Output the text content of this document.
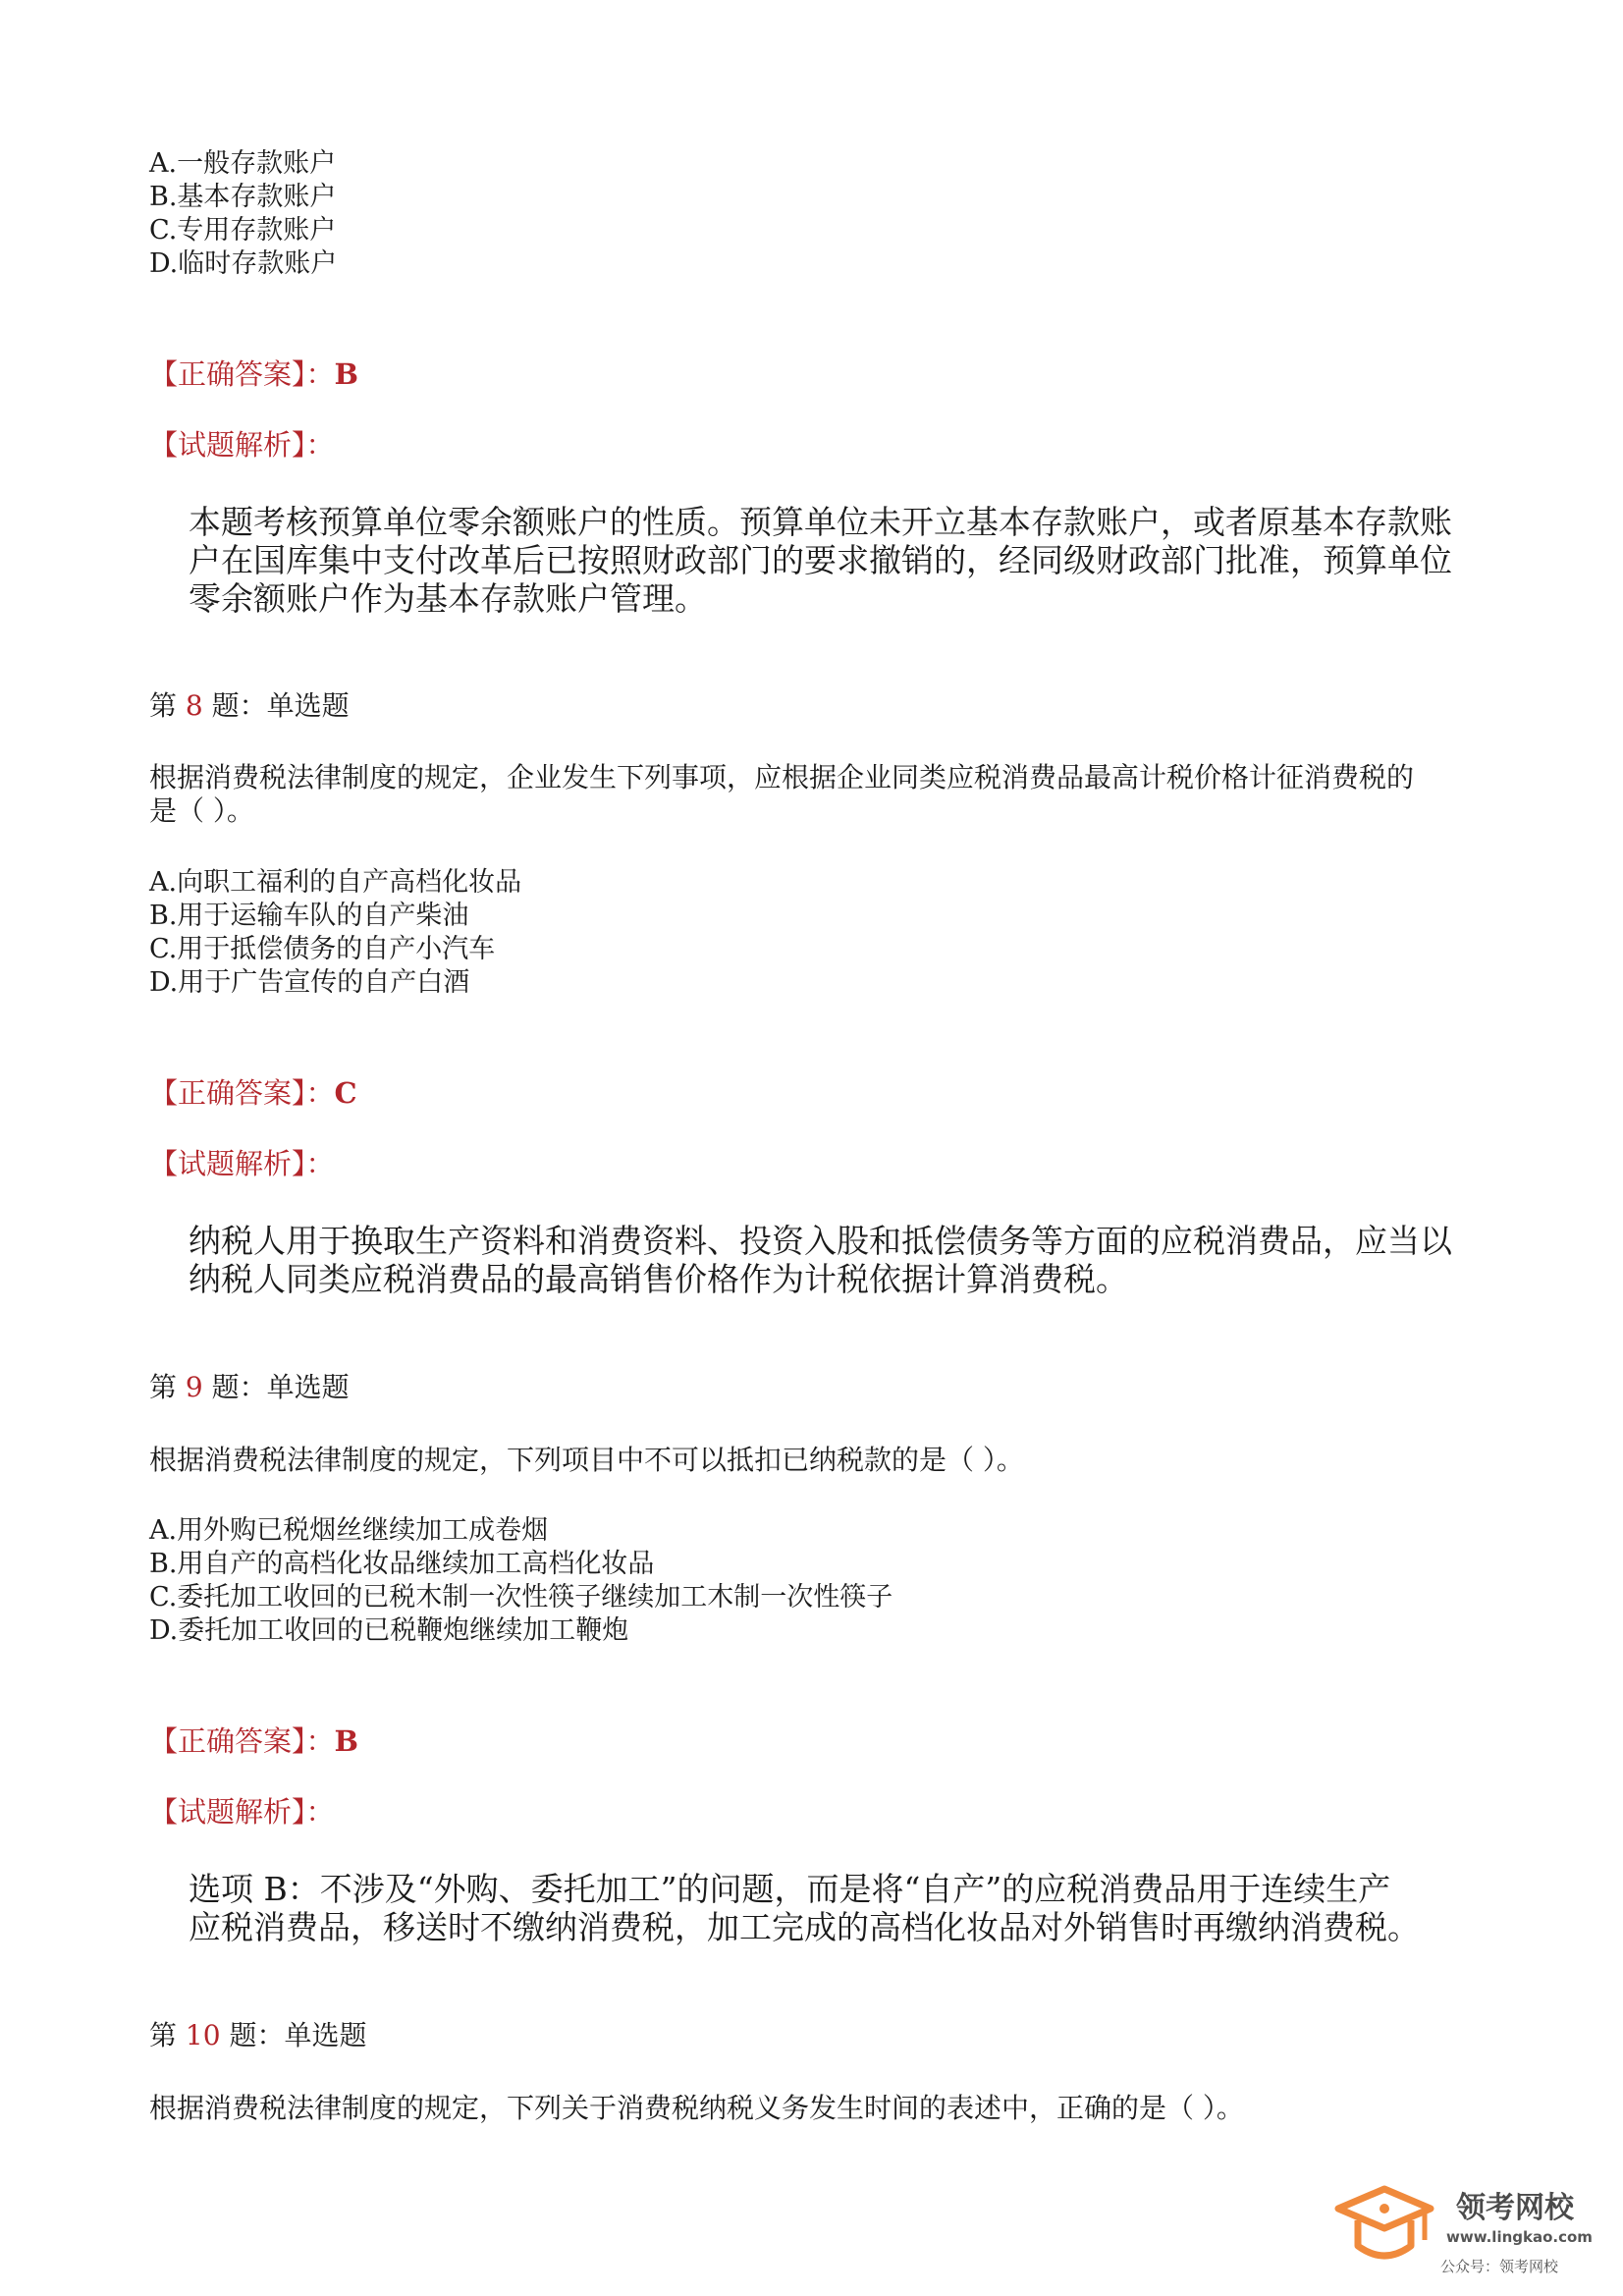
A.一般存款账户
B.基本存款账户
C.专用存款账户
D.临时存款账户
【正确答案】：B
【试题解析】：
本题考核预算单位零余额账户的性质。预算单位未开立基本存款账户，或者原基本存款账
户在国库集中支付改革后已按照财政部门的要求撤销的，经同级财政部门批准，预算单位
零余额账户作为基本存款账户管理。
第 8 题：单选题
根据消费税法律制度的规定，企业发生下列事项，应根据企业同类应税消费品最高计税价格计征消费税的
是（ ）。
A.向职工福利的自产高档化妆品
B.用于运输车队的自产柴油
C.用于抵偿债务的自产小汽车
D.用于广告宣传的自产白酒
【正确答案】：C
【试题解析】：
纳税人用于换取生产资料和消费资料、投资入股和抵偿债务等方面的应税消费品，应当以
纳税人同类应税消费品的最高销售价格作为计税依据计算消费税。
第 9 题：单选题
根据消费税法律制度的规定，下列项目中不可以抵扣已纳税款的是（ ）。
A.用外购已税烟丝继续加工成卷烟
B.用自产的高档化妆品继续加工高档化妆品
C.委托加工收回的已税木制一次性筷子继续加工木制一次性筷子
D.委托加工收回的已税鞭炮继续加工鞭炮
【正确答案】：B
【试题解析】：
选项 B：不涉及“外购、委托加工”的问题，而是将“自产”的应税消费品用于连续生产
应税消费品，移送时不缴纳消费税，加工完成的高档化妆品对外销售时再缴纳消费税。
第 10 题：单选题
根据消费税法律制度的规定，下列关于消费税纳税义务发生时间的表述中，正确的是（ ）。
领考网校
www.lingkao.com
公众号：领考网校
